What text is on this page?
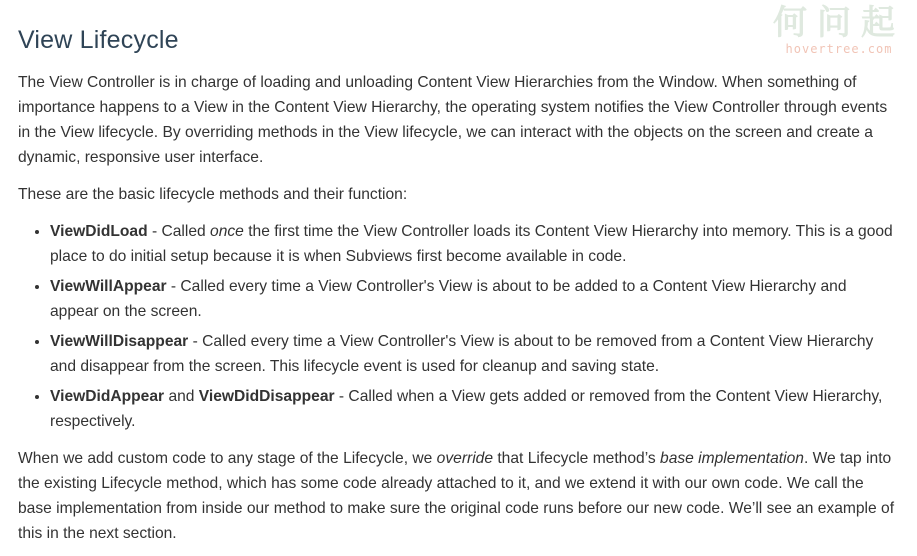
何问起
hovertree.com
View Lifecycle

The View Controller is in charge of loading and unloading Content View Hierarchies from the Window. When something of importance happens to a View in the Content View Hierarchy, the operating system notifies the View Controller through events in the View lifecycle. By overriding methods in the View lifecycle, we can interact with the objects on the screen and create a dynamic, responsive user interface.

These are the basic lifecycle methods and their function:

• ViewDidLoad - Called once the first time the View Controller loads its Content View Hierarchy into memory. This is a good place to do initial setup because it is when Subviews first become available in code.
• ViewWillAppear - Called every time a View Controller's View is about to be added to a Content View Hierarchy and appear on the screen.
• ViewWillDisappear - Called every time a View Controller's View is about to be removed from a Content View Hierarchy and disappear from the screen. This lifecycle event is used for cleanup and saving state.
• ViewDidAppear and ViewDidDisappear - Called when a View gets added or removed from the Content View Hierarchy, respectively.

When we add custom code to any stage of the Lifecycle, we override that Lifecycle method’s base implementation. We tap into the existing Lifecycle method, which has some code already attached to it, and we extend it with our own code. We call the base implementation from inside our method to make sure the original code runs before our new code. We’ll see an example of this in the next section.
